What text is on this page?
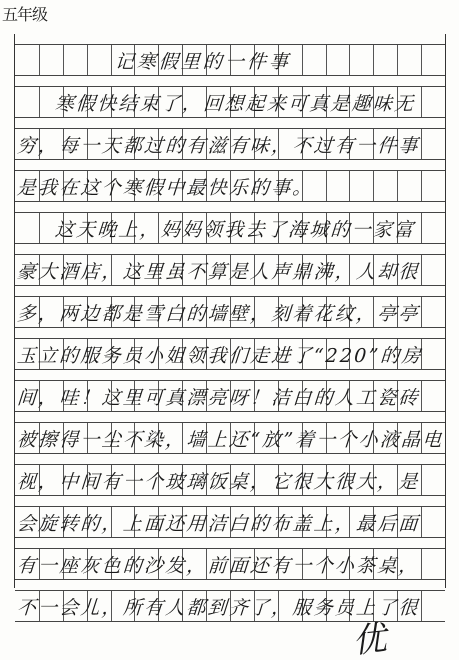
五年级
记寒假里的一件事
寒假快结束了，回想起来可真是趣味无
穷，每一天都过的有滋有味，不过有一件事
是我在这个寒假中最快乐的事。
这天晚上，妈妈领我去了海城的一家富
豪大酒店，这里虽不算是人声鼎沸，人却很
多，两边都是雪白的墙壁，刻着花纹，亭亭
玉立的服务员小姐领我们走进了“220”的房
间，哇！这里可真漂亮呀！洁白的人工瓷砖
被擦得一尘不染，墙上还“放”着一个小液晶电
视，中间有一个玻璃饭桌，它很大很大，是
会旋转的，上面还用洁白的布盖上，最后面
有一座灰色的沙发，前面还有一个小茶桌，
不一会儿，所有人都到齐了，服务员上了很
优
